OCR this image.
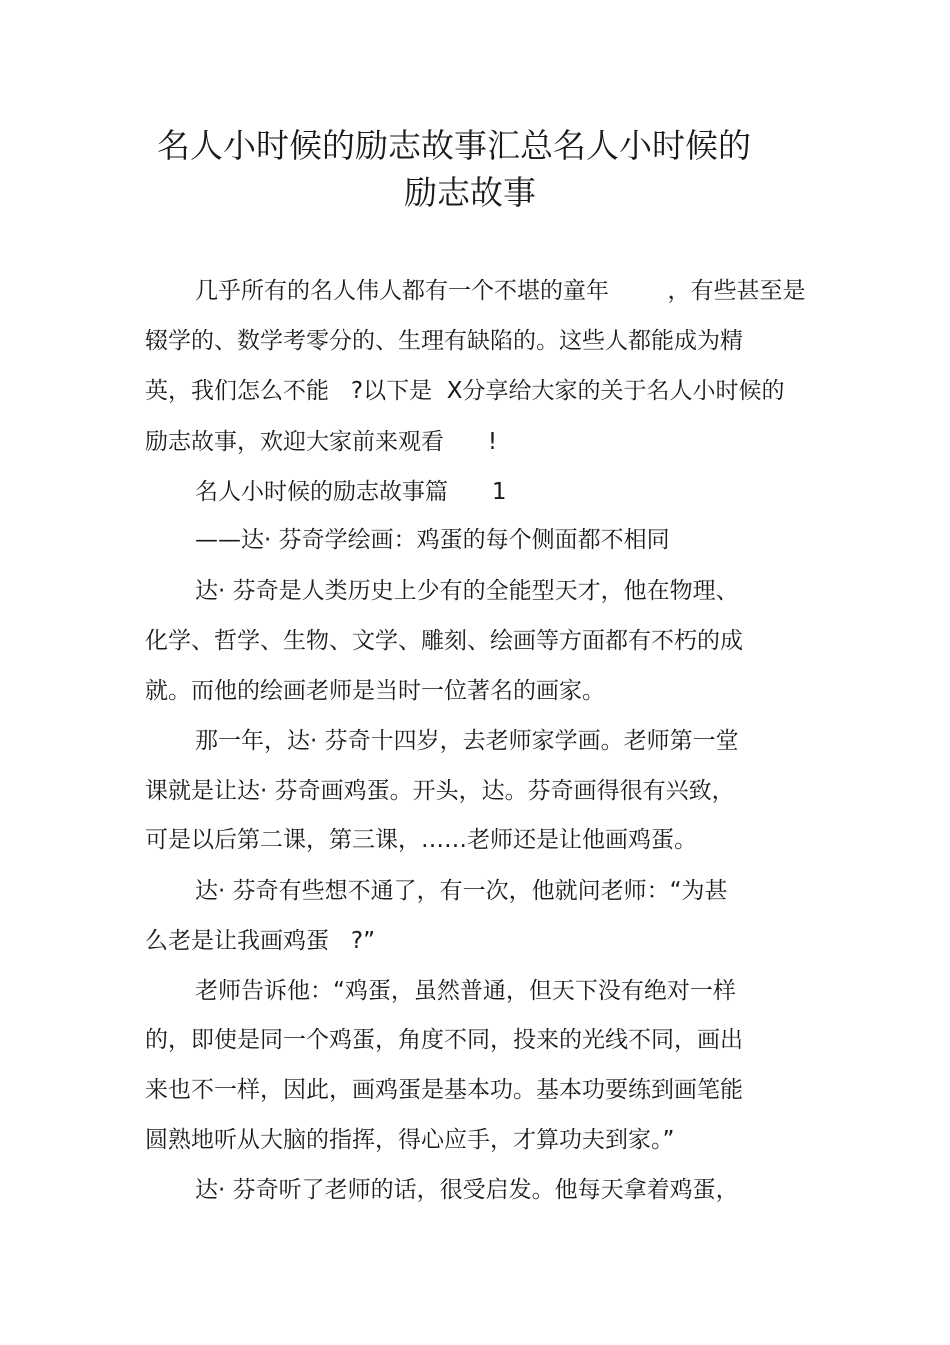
名人小时候的励志故事汇总名人小时候的
励志故事
几乎所有的名人伟人都有一个不堪的童年        ，有些甚至是
辍学的、数学考零分的、生理有缺陷的。这些人都能成为精
英，我们怎么不能   ?以下是  X分享给大家的关于名人小时候的
励志故事，欢迎大家前来观看      !
名人小时候的励志故事篇      1
——达· 芬奇学绘画：鸡蛋的每个侧面都不相同
达· 芬奇是人类历史上少有的全能型天才，他在物理、
化学、哲学、生物、文学、雕刻、绘画等方面都有不朽的成
就。而他的绘画老师是当时一位著名的画家。
那一年，达· 芬奇十四岁，去老师家学画。老师第一堂
课就是让达· 芬奇画鸡蛋。开头，达。芬奇画得很有兴致，
可是以后第二课，第三课，……老师还是让他画鸡蛋。
达· 芬奇有些想不通了，有一次，他就问老师：“为甚
么老是让我画鸡蛋   ?”
老师告诉他：“鸡蛋，虽然普通，但天下没有绝对一样
的，即使是同一个鸡蛋，角度不同，投来的光线不同，画出
来也不一样，因此，画鸡蛋是基本功。基本功要练到画笔能
圆熟地听从大脑的指挥，得心应手，才算功夫到家。”
达· 芬奇听了老师的话，很受启发。他每天拿着鸡蛋，
